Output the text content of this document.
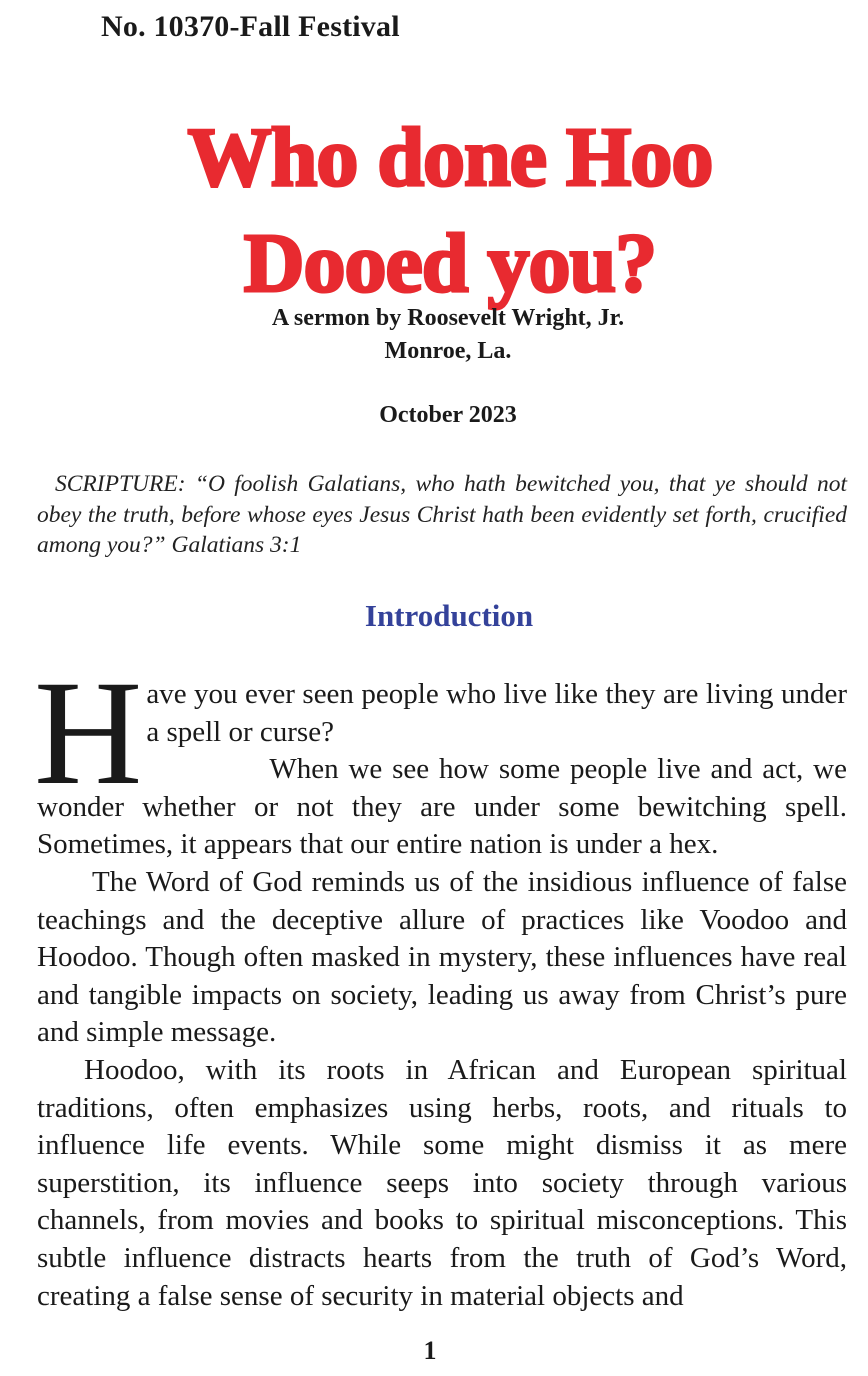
No. 10370-Fall Festival
Who done Hoo
Dooed you?
A sermon by Roosevelt Wright, Jr.
Monroe, La.
October 2023
SCRIPTURE: “O foolish Galatians, who hath bewitched you, that ye should not obey the truth, before whose eyes Jesus Christ hath been evidently set forth, crucified among you?” Galatians 3:1
Introduction

Have you ever seen people who live like they are living under a spell or curse?

When we see how some people live and act, we wonder whether or not they are under some bewitching spell. Sometimes, it appears that our entire nation is under a hex.

The Word of God reminds us of the insidious influence of false teachings and the deceptive allure of practices like Voodoo and Hoodoo. Though often masked in mystery, these influences have real and tangible impacts on society, leading us away from Christ’s pure and simple message.

Hoodoo, with its roots in African and European spiritual traditions, often emphasizes using herbs, roots, and rituals to influence life events. While some might dismiss it as mere superstition, its influence seeps into society through various channels, from movies and books to spiritual misconceptions. This subtle influence distracts hearts from the truth of God’s Word, creating a false sense of security in material objects and

1
